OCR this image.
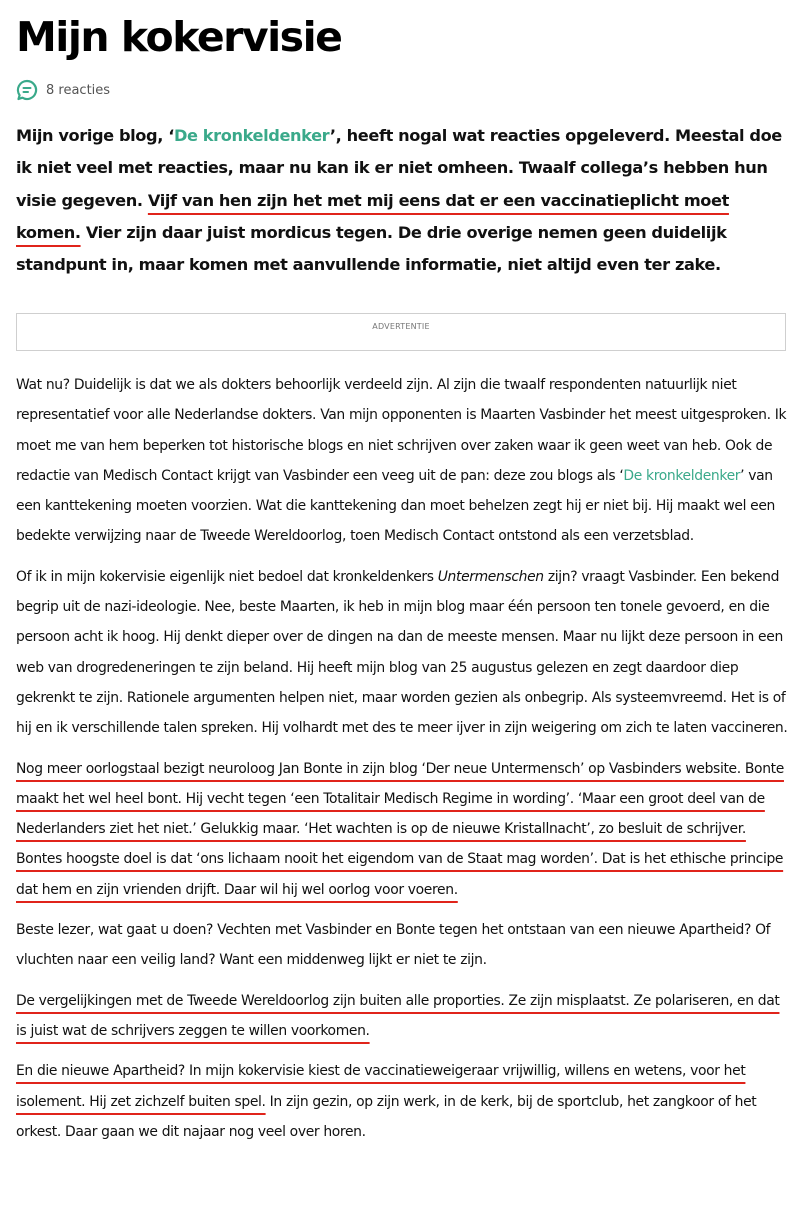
Mijn kokervisie
8 reacties
Mijn vorige blog, ‘De kronkeldenker’, heeft nogal wat reacties opgeleverd. Meestal doe ik niet veel met reacties, maar nu kan ik er niet omheen. Twaalf collega’s hebben hun visie gegeven. Vijf van hen zijn het met mij eens dat er een vaccinatieplicht moet komen. Vier zijn daar juist mordicus tegen. De drie overige nemen geen duidelijk standpunt in, maar komen met aanvullende informatie, niet altijd even ter zake.
ADVERTENTIE

Wat nu? Duidelijk is dat we als dokters behoorlijk verdeeld zijn. Al zijn die twaalf respondenten natuurlijk niet representatief voor alle Nederlandse dokters. Van mijn opponenten is Maarten Vasbinder het meest uitgesproken. Ik moet me van hem beperken tot historische blogs en niet schrijven over zaken waar ik geen weet van heb. Ook de redactie van Medisch Contact krijgt van Vasbinder een veeg uit de pan: deze zou blogs als ‘De kronkeldenker’ van een kanttekening moeten voorzien. Wat die kanttekening dan moet behelzen zegt hij er niet bij. Hij maakt wel een bedekte verwijzing naar de Tweede Wereldoorlog, toen Medisch Contact ontstond als een verzetsblad.

Of ik in mijn kokervisie eigenlijk niet bedoel dat kronkeldenkers Untermenschen zijn? vraagt Vasbinder. Een bekend begrip uit de nazi-ideologie. Nee, beste Maarten, ik heb in mijn blog maar één persoon ten tonele gevoerd, en die persoon acht ik hoog. Hij denkt dieper over de dingen na dan de meeste mensen. Maar nu lijkt deze persoon in een web van drogredeneringen te zijn beland. Hij heeft mijn blog van 25 augustus gelezen en zegt daardoor diep gekrenkt te zijn. Rationele argumenten helpen niet, maar worden gezien als onbegrip. Als systeemvreemd. Het is of hij en ik verschillende talen spreken. Hij volhardt met des te meer ijver in zijn weigering om zich te laten vaccineren.

Nog meer oorlogstaal bezigt neuroloog Jan Bonte in zijn blog ‘Der neue Untermensch’ op Vasbinders website. Bonte maakt het wel heel bont. Hij vecht tegen ‘een Totalitair Medisch Regime in wording’. ‘Maar een groot deel van de Nederlanders ziet het niet.’ Gelukkig maar. ‘Het wachten is op de nieuwe Kristallnacht’, zo besluit de schrijver. Bontes hoogste doel is dat ‘ons lichaam nooit het eigendom van de Staat mag worden’. Dat is het ethische principe dat hem en zijn vrienden drijft. Daar wil hij wel oorlog voor voeren.

Beste lezer, wat gaat u doen? Vechten met Vasbinder en Bonte tegen het ontstaan van een nieuwe Apartheid? Of vluchten naar een veilig land? Want een middenweg lijkt er niet te zijn.

De vergelijkingen met de Tweede Wereldoorlog zijn buiten alle proporties. Ze zijn misplaatst. Ze polariseren, en dat is juist wat de schrijvers zeggen te willen voorkomen.

En die nieuwe Apartheid? In mijn kokervisie kiest de vaccinatieweigeraar vrijwillig, willens en wetens, voor het isolement. Hij zet zichzelf buiten spel. In zijn gezin, op zijn werk, in de kerk, bij de sportclub, het zangkoor of het orkest. Daar gaan we dit najaar nog veel over horen.
